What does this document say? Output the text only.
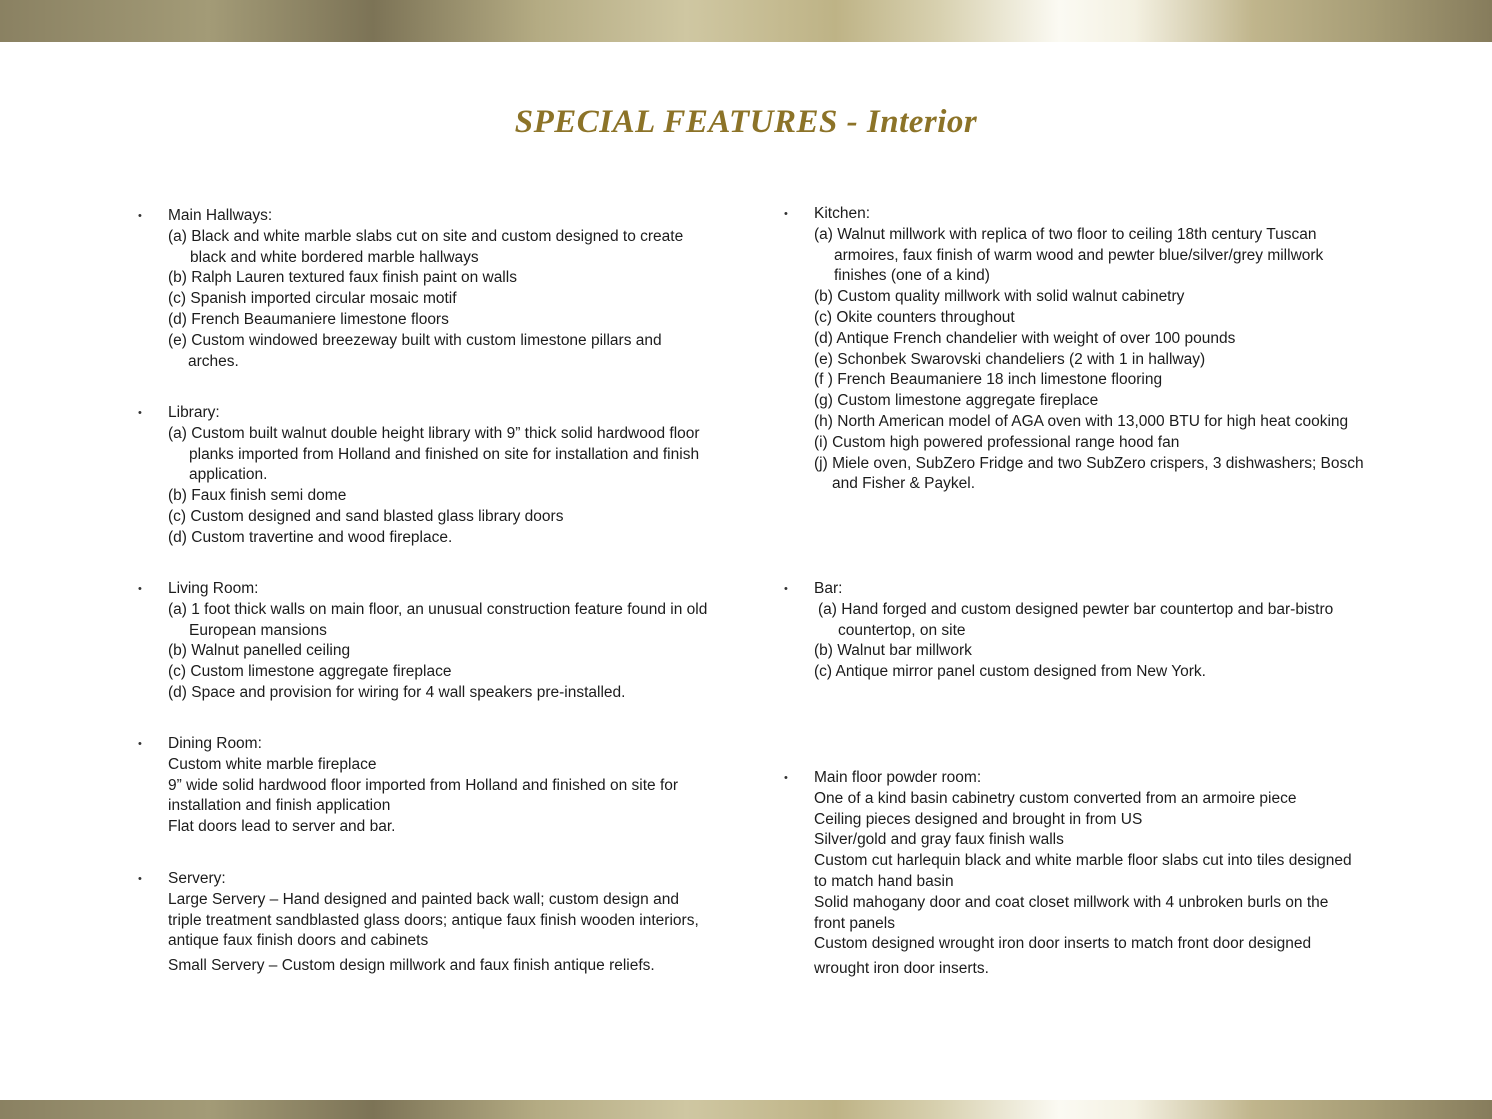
SPECIAL FEATURES - Interior
• Main Hallways:
(a) Black and white marble slabs cut on site and custom designed to create
black and white bordered marble hallways
(b) Ralph Lauren textured faux finish paint on walls
(c) Spanish imported circular mosaic motif
(d) French Beaumaniere limestone floors
(e) Custom windowed breezeway built with custom limestone pillars and
arches.
• Library:
(a) Custom built walnut double height library with 9” thick solid hardwood floor
planks imported from Holland and finished on site for installation and finish
application.
(b) Faux finish semi dome
(c) Custom designed and sand blasted glass library doors
(d) Custom travertine and wood fireplace.
• Living Room:
(a) 1 foot thick walls on main floor, an unusual construction feature found in old
European mansions
(b) Walnut panelled ceiling
(c) Custom limestone aggregate fireplace
(d) Space and provision for wiring for 4 wall speakers pre-installed.
• Dining Room:
Custom white marble fireplace
9” wide solid hardwood floor imported from Holland and finished on site for
installation and finish application
Flat doors lead to server and bar.
• Servery:
Large Servery – Hand designed and painted back wall; custom design and
triple treatment sandblasted glass doors; antique faux finish wooden interiors,
antique faux finish doors and cabinets
Small Servery – Custom design millwork and faux finish antique reliefs.
• Kitchen:
(a) Walnut millwork with replica of two floor to ceiling 18th century Tuscan
armoires, faux finish of warm wood and pewter blue/silver/grey millwork
finishes (one of a kind)
(b) Custom quality millwork with solid walnut cabinetry
(c) Okite counters throughout
(d) Antique French chandelier with weight of over 100 pounds
(e) Schonbek Swarovski chandeliers (2 with 1 in hallway)
(f ) French Beaumaniere 18 inch limestone flooring
(g) Custom limestone aggregate fireplace
(h) North American model of AGA oven with 13,000 BTU for high heat cooking
(i) Custom high powered professional range hood fan
(j) Miele oven, SubZero Fridge and two SubZero crispers, 3 dishwashers; Bosch
and Fisher & Paykel.
• Bar:
(a) Hand forged and custom designed pewter bar countertop and bar-bistro
countertop, on site
(b) Walnut bar millwork
(c) Antique mirror panel custom designed from New York.
• Main floor powder room:
One of a kind basin cabinetry custom converted from an armoire piece
Ceiling pieces designed and brought in from US
Silver/gold and gray faux finish walls
Custom cut harlequin black and white marble floor slabs cut into tiles designed
to match hand basin
Solid mahogany door and coat closet millwork with 4 unbroken burls on the
front panels
Custom designed wrought iron door inserts to match front door designed
wrought iron door inserts.
